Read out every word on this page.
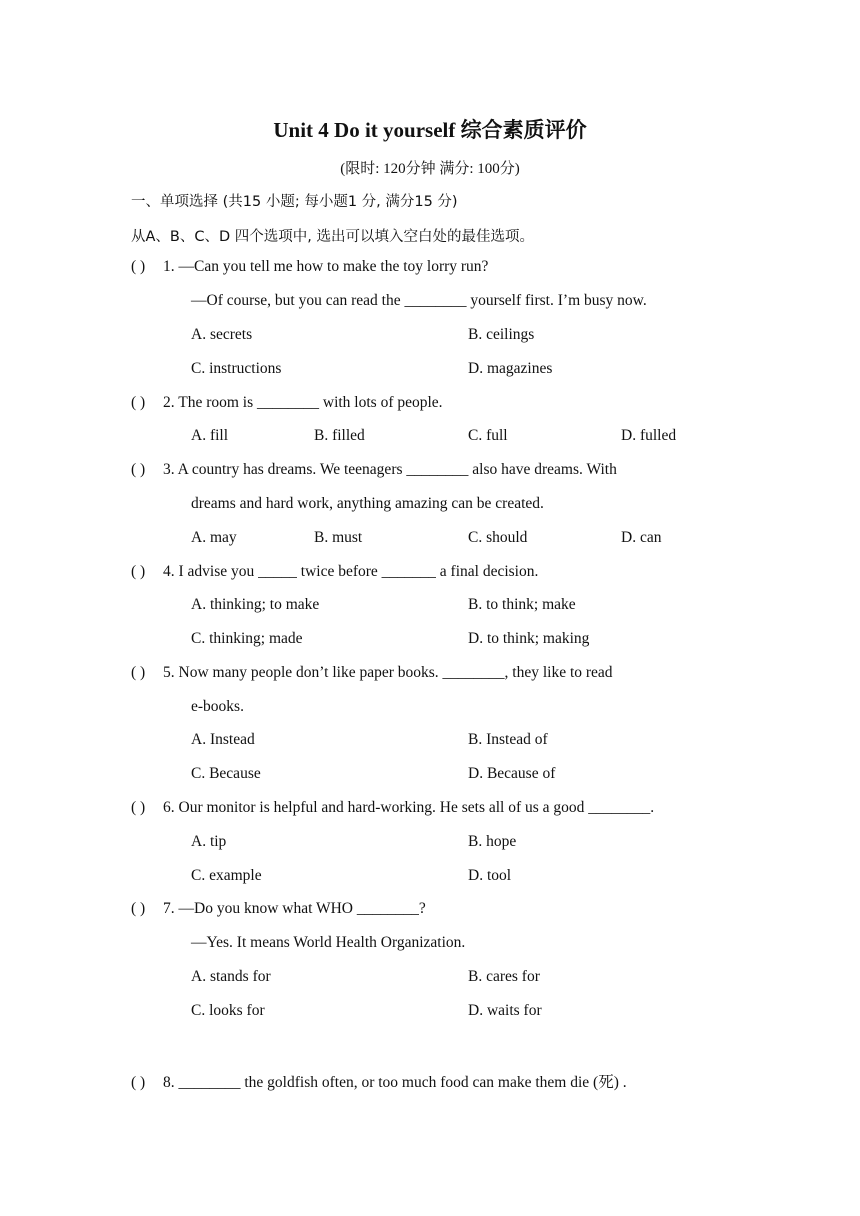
Unit 4 Do it yourself 综合素质评价
(限时: 120分钟 满分: 100分)
一、单项选择 (共15 小题; 每小题1 分, 满分15 分)
从A、B、C、D 四个选项中, 选出可以填入空白处的最佳选项。
( ) 1. —Can you tell me how to make the toy lorry run?
—Of course, but you can read the ________ yourself first. I’m busy now.
A. secrets	B. ceilings
C. instructions	D. magazines
( ) 2. The room is ________ with lots of people.
A. fill	B. filled	C. full	D. fulled
( ) 3. A country has dreams. We teenagers ________ also have dreams. With
dreams and hard work, anything amazing can be created.
A. may	B. must	C. should	D. can
( ) 4. I advise you _____ twice before _______ a final decision.
A. thinking; to make	B. to think; make
C. thinking; made	D. to think; making
( ) 5. Now many people don’t like paper books. ________, they like to read
e-books.
A. Instead	B. Instead of
C. Because	D. Because of
( ) 6. Our monitor is helpful and hard-working. He sets all of us a good ________.
A. tip	B. hope
C. example	D. tool
( ) 7. —Do you know what WHO ________?
—Yes. It means World Health Organization.
A. stands for	B. cares for
C. looks for	D. waits for
( ) 8. ________ the goldfish often, or too much food can make them die (死) .
